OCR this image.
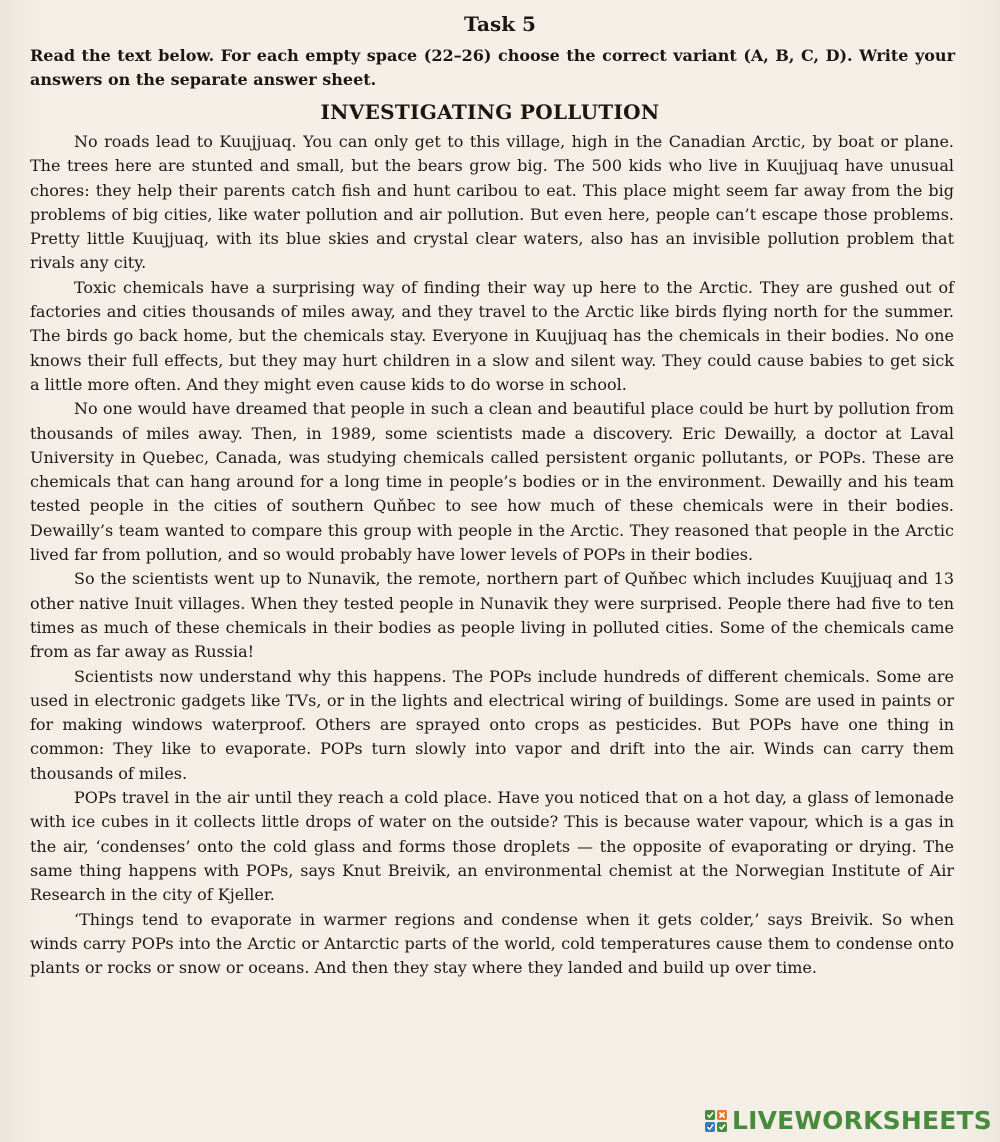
Task 5

Read the text below. For each empty space (22–26) choose the correct variant (A, B, C, D). Write your answers on the separate answer sheet.

INVESTIGATING POLLUTION

No roads lead to Kuujjuaq. You can only get to this village, high in the Canadian Arctic, by boat or plane. The trees here are stunted and small, but the bears grow big. The 500 kids who live in Kuujjuaq have unusual chores: they help their parents catch fish and hunt caribou to eat. This place might seem far away from the big problems of big cities, like water pollution and air pollution. But even here, people can’t escape those problems. Pretty little Kuujjuaq, with its blue skies and crystal clear waters, also has an invisible pollution problem that rivals any city.

Toxic chemicals have a surprising way of finding their way up here to the Arctic. They are gushed out of factories and cities thousands of miles away, and they travel to the Arctic like birds flying north for the summer. The birds go back home, but the chemicals stay. Everyone in Kuujjuaq has the chemicals in their bodies. No one knows their full effects, but they may hurt children in a slow and silent way. They could cause babies to get sick a little more often. And they might even cause kids to do worse in school.

No one would have dreamed that people in such a clean and beautiful place could be hurt by pollution from thousands of miles away. Then, in 1989, some scientists made a discovery. Eric Dewailly, a doctor at Laval University in Quebec, Canada, was studying chemicals called persistent organic pollutants, or POPs. These are chemicals that can hang around for a long time in people’s bodies or in the environment. Dewailly and his team tested people in the cities of southern Quňbec to see how much of these chemicals were in their bodies. Dewailly’s team wanted to compare this group with people in the Arctic. They reasoned that people in the Arctic lived far from pollution, and so would probably have lower levels of POPs in their bodies.

So the scientists went up to Nunavik, the remote, northern part of Quňbec which includes Kuujjuaq and 13 other native Inuit villages. When they tested people in Nunavik they were surprised. People there had five to ten times as much of these chemicals in their bodies as people living in polluted cities. Some of the chemicals came from as far away as Russia!

Scientists now understand why this happens. The POPs include hundreds of different chemicals. Some are used in electronic gadgets like TVs, or in the lights and electrical wiring of buildings. Some are used in paints or for making windows waterproof. Others are sprayed onto crops as pesticides. But POPs have one thing in common: They like to evaporate. POPs turn slowly into vapor and drift into the air. Winds can carry them thousands of miles.

POPs travel in the air until they reach a cold place. Have you noticed that on a hot day, a glass of lemonade with ice cubes in it collects little drops of water on the outside? This is because water vapour, which is a gas in the air, ‘condenses’ onto the cold glass and forms those droplets — the opposite of evaporating or drying. The same thing happens with POPs, says Knut Breivik, an environmental chemist at the Norwegian Institute of Air Research in the city of Kjeller.

‘Things tend to evaporate in warmer regions and condense when it gets colder,’ says Breivik. So when winds carry POPs into the Arctic or Antarctic parts of the world, cold temperatures cause them to condense onto plants or rocks or snow or oceans. And then they stay where they landed and build up over time.

LIVEWORKSHEETS
